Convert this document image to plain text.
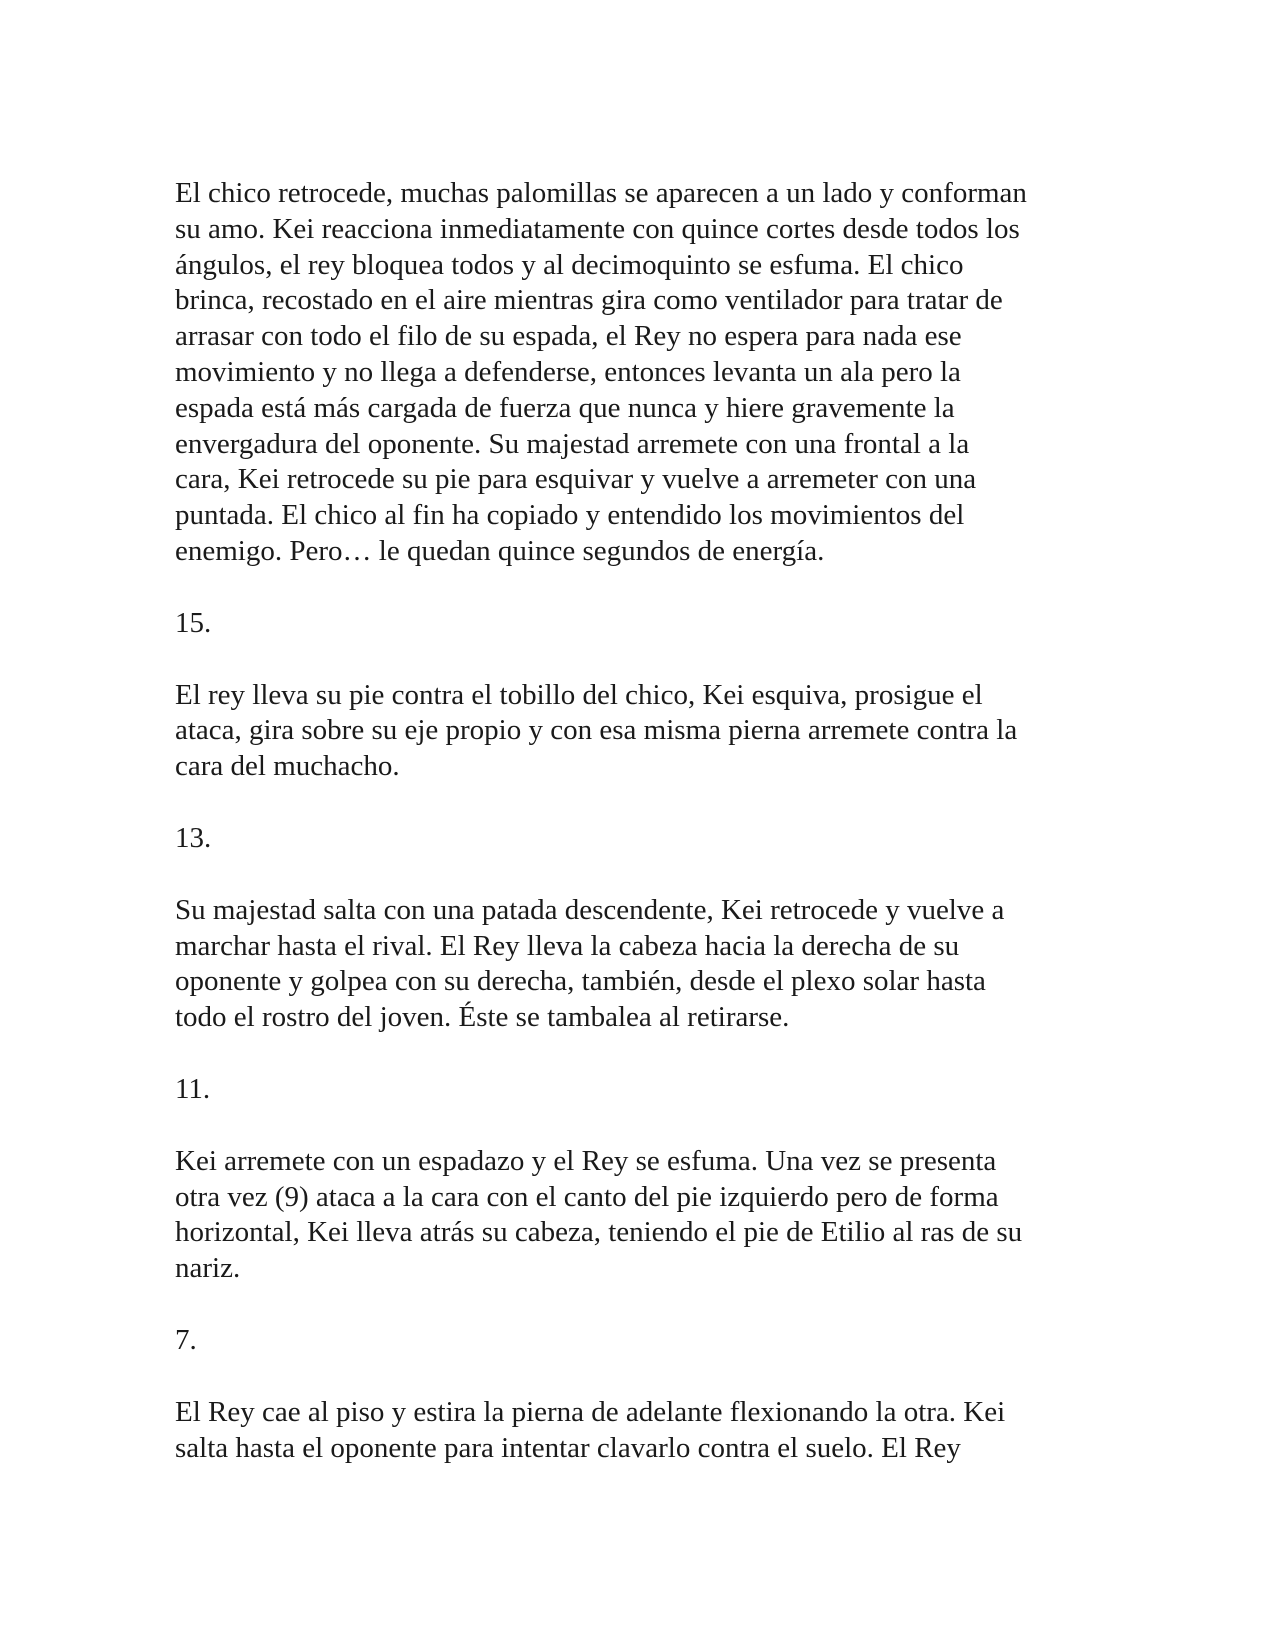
El chico retrocede, muchas palomillas se aparecen a un lado y conforman
su amo. Kei reacciona inmediatamente con quince cortes desde todos los
ángulos, el rey bloquea todos y al decimoquinto se esfuma. El chico
brinca, recostado en el aire mientras gira como ventilador para tratar de
arrasar con todo el filo de su espada, el Rey no espera para nada ese
movimiento y no llega a defenderse, entonces levanta un ala pero la
espada está más cargada de fuerza que nunca y hiere gravemente la
envergadura del oponente. Su majestad arremete con una frontal a la
cara, Kei retrocede su pie para esquivar y vuelve a arremeter con una
puntada. El chico al fin ha copiado y entendido los movimientos del
enemigo. Pero… le quedan quince segundos de energía.

15.

El rey lleva su pie contra el tobillo del chico, Kei esquiva, prosigue el
ataca, gira sobre su eje propio y con esa misma pierna arremete contra la
cara del muchacho.

13.

Su majestad salta con una patada descendente, Kei retrocede y vuelve a
marchar hasta el rival. El Rey lleva la cabeza hacia la derecha de su
oponente y golpea con su derecha, también, desde el plexo solar hasta
todo el rostro del joven. Éste se tambalea al retirarse.

11.

Kei arremete con un espadazo y el Rey se esfuma. Una vez se presenta
otra vez (9) ataca a la cara con el canto del pie izquierdo pero de forma
horizontal, Kei lleva atrás su cabeza, teniendo el pie de Etilio al ras de su
nariz.

7.

El Rey cae al piso y estira la pierna de adelante flexionando la otra. Kei
salta hasta el oponente para intentar clavarlo contra el suelo. El Rey
